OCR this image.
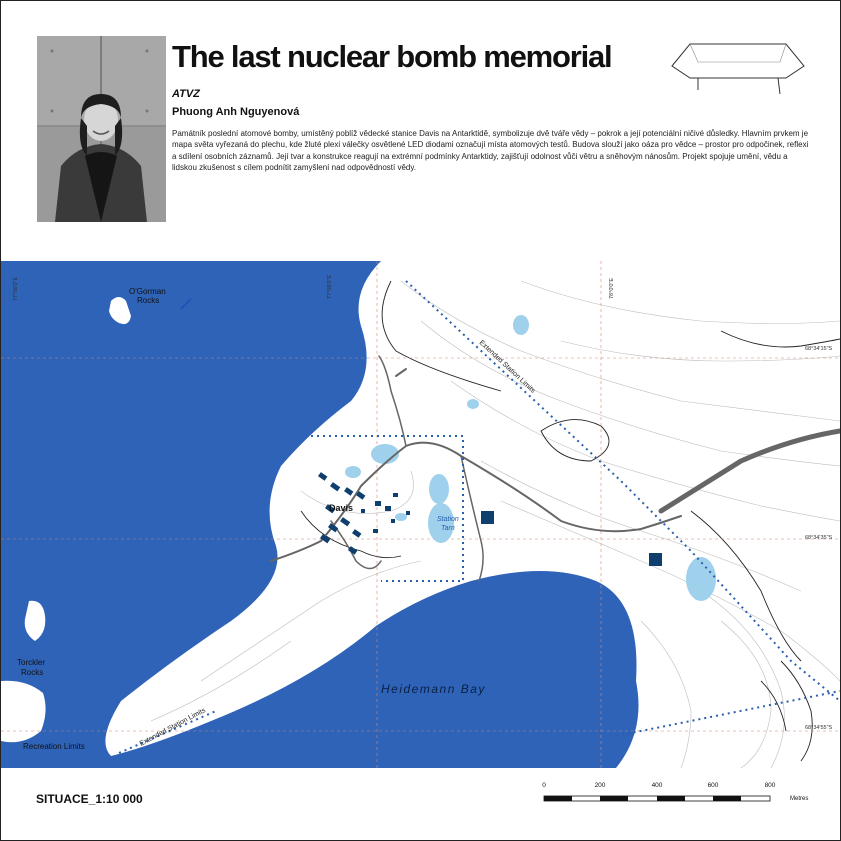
The last nuclear bomb memorial
ATVZ
Phuong Anh Nguyenová
Památník poslední atomové bomby, umístěný poblíž vědecké stanice Davis na Antarktidě, symbolizuje dvě tváře vědy – pokrok a její potenciální ničivé důsledky. Hlavním prvkem je mapa světa vyřezaná do plechu, kde žluté plexi válečky osvětlené LED diodami označují místa atomových testů. Budova slouží jako oáza pro vědce – prostor pro odpočinek, reflexi a sdílení osobních záznamů. Její tvar a konstrukce reagují na extrémní podmínky Antarktidy, zajišťují odolnost vůči větru a sněhovým nánosům. Projekt spojuje umění, vědu a lidskou zkušenost s cílem podnítit zamyšlení nad odpovědností vědy.
O'Gorman
Rocks
Torckler
Rocks
Recreation Limits
Davis
Station
Tarn
Heidemann Bay
Extended Station Limits
Extended Station Limits
77°56'0"E	77°58'0"E	78°0'0"E
68°34'15"S
68°34'35"S
68°34'55"S
SITUACE_1:10 000
0	200	400	600	800
Metres
